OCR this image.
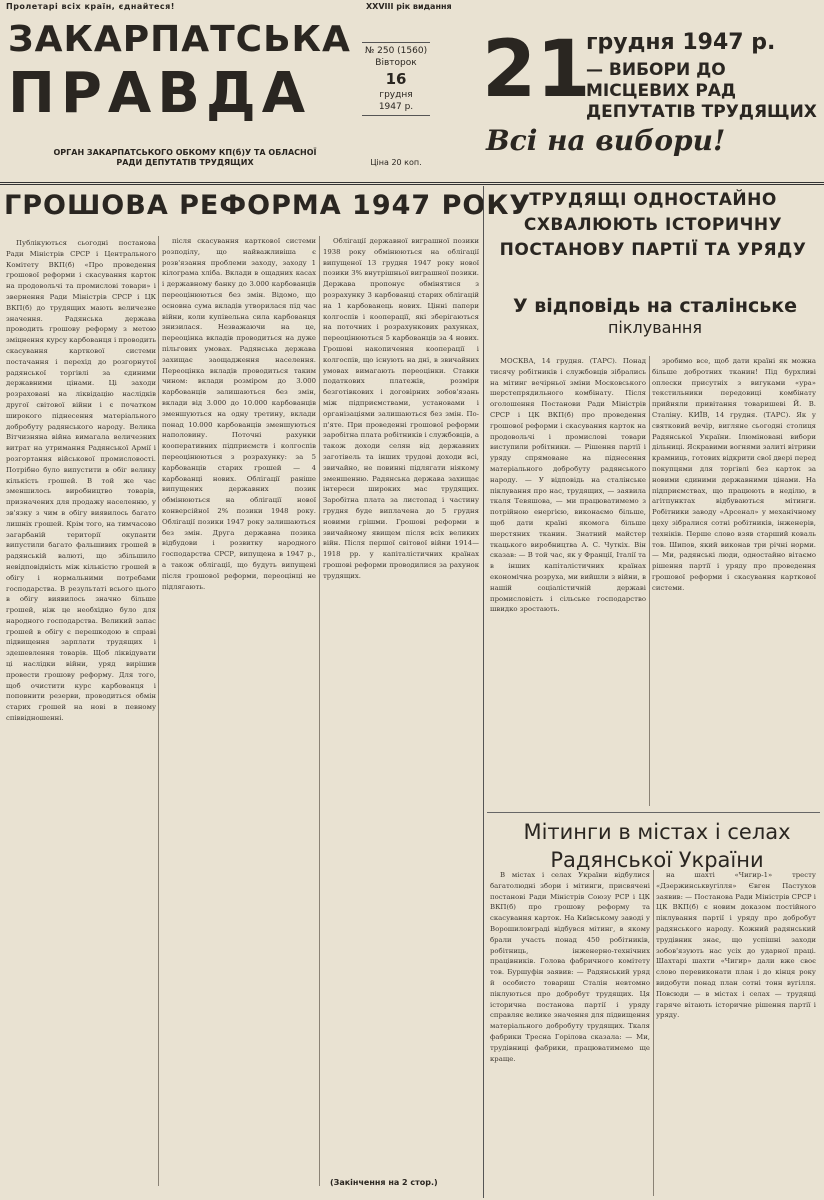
Пролетарі всіх країн, єднайтеся!
ЗАКАРПАТСЬКА
ПРАВДА
ОРГАН ЗАКАРПАТСЬКОГО ОБКОМУ КП(б)У ТА ОБЛАСНОЇ РАДИ ДЕПУТАТІВ ТРУДЯЩИХ
XXVIII рік видання
№ 250 (1560)
Вівторок
16
грудня
1947 р.
Ціна 20 коп.
21
грудня 1947 р.
— ВИБОРИ ДО МІСЦЕВИХ РАД ДЕПУТАТІВ ТРУДЯЩИХ
Всі на вибори!
ГРОШОВА РЕФОРМА 1947 РОКУ
ТРУДЯЩІ ОДНОСТАЙНО СХВАЛЮЮТЬ ІСТОРИЧНУ ПОСТАНОВУ ПАРТІЇ ТА УРЯДУ
У відповідь на сталінське
піклування
Мітинги в містах і селах Радянської України

Публікуються сьогодні постанова Ради Міністрів СРСР і Центрального Комітету ВКП(б) «Про проведення грошової реформи і скасування карток на продовольчі та промислові товари» і звернення Ради Міністрів СРСР і ЦК ВКП(б) до трудящих мають величезне значення. Радянська держава проводить грошову реформу з метою зміцнення курсу карбованця і проводить скасування карткової системи постачання і перехід до розгорнутої радянської торгівлі за єдиними державними цінами. Ці заходи розраховані на ліквідацію наслідків другої світової війни і є початком широкого піднесення матеріального добробуту радянського народу. Велика Вітчизняна війна вимагала величезних витрат на утримання Радянської Армії і розгортання військової промисловості. Потрібно було випустити в обіг велику кількість грошей. В той же час зменшилось виробництво товарів, призначених для продажу населенню, у зв'язку з чим в обігу виявилось багато лишніх грошей. Крім того, на тимчасово загарбаній території окупанти випустили багато фальшивих грошей в радянській валюті, що збільшило невідповідність між кількістю грошей в обігу і нормальними потребами господарства. В результаті всього цього в обігу виявилось значно більше грошей, ніж це необхідно було для народного господарства. Великий запас грошей в обігу є перешкодою в справі підвищення зарплати трудящих і здешевлення товарів. Щоб ліквідувати ці наслідки війни, уряд вирішив провести грошову реформу. Для того, щоб очистити курс карбованця і поповнити резерви, проводиться обмін старих грошей на нові в певному співвідношенні.

після скасування карткової системи розподілу, що найважливіша є розв'язання проблеми заходу, заходу 1 кілограма хліба. Вклади в ощадних касах і державному банку до 3.000 карбованців переоцінюються без змін. Відомо, що основна сума вкладів утворилася під час війни, коли купівельна сила карбованця знизилася. Незважаючи на це, переоцінка вкладів проводиться на дуже пільгових умовах. Радянська держава захищає заощадження населення. Переоцінка вкладів проводиться таким чином: вклади розміром до 3.000 карбованців залишаються без змін, вклади від 3.000 до 10.000 карбованців зменшуються на одну третину, вклади понад 10.000 карбованців зменшуються наполовину. Поточні рахунки кооперативних підприємств і колгоспів переоцінюються з розрахунку: за 5 карбованців старих грошей — 4 карбованці нових. Облігації раніше випущених державних позик обмінюються на облігації нової конверсійної 2% позики 1948 року. Облігації позики 1947 року залишаються без змін. Друга державна позика відбудови і розвитку народного господарства СРСР, випущена в 1947 р., а також облігації, що будуть випущені після грошової реформи, переоцінці не підлягають.

Облігації державної виграшної позики 1938 року обмінюються на облігації випущеної 13 грудня 1947 року нової позики 3% внутрішньої виграшної позики. Держава пропонує обмінятися з розрахунку 3 карбованці старих облігацій на 1 карбованець нових. Цінні папери колгоспів і кооперації, які зберігаються на поточних і розрахункових рахунках, переоцінюються 5 карбованців за 4 нових. Грошові накопичення кооперації і колгоспів, що існують на дні, в звичайних умовах вимагають переоцінки. Ставки податкових платежів, розміри безготівкових і договірних зобов'язань між підприємствами, установами і організаціями залишаються без змін. По-п'яте. При проведенні грошової реформи заробітна плата робітників і службовців, а також доходи селян від державних заготівель та інших трудові доходи всі, звичайно, не повинні підлягати ніякому зменшенню. Радянська держава захищає інтереси широких мас трудящих. Заробітна плата за листопад і частину грудня буде виплачена до 5 грудня новими грішми. Грошові реформи в звичайному явищем після всіх великих війн. Після першої світової війни 1914—1918 рр. у капіталістичних країнах грошові реформи проводилися за рахунок трудящих.

МОСКВА, 14 грудня. (ТАРС). Понад тисячу робітників і службовців зібрались на мітинг вечірньої зміни Московського шерстепрядильного комбінату. Після оголошення Постанови Ради Міністрів СРСР і ЦК ВКП(б) про проведення грошової реформи і скасування карток на продовольчі і промислові товари виступили робітники. — Рішення партії і уряду спрямоване на піднесення матеріального добробуту радянського народу. — У відповідь на сталінське піклування про нас, трудящих, — заявила ткаля Тевяшова, — ми працюватимемо з потрійною енергією, виконаємо більше, щоб дати країні якомога більше шерстяних тканин. Знатний майстер ткацького виробництва А. С. Чуткіх. Він сказав: — В той час, як у Франції, Італії та в інших капіталістичних країнах економічна розруха, ми вийшли з війни, в нашій соціалістичній державі промисловість і сільське господарство швидко зростають.

зробимо все, щоб дати країні як можна більше добротних тканин! Під бурхливі оплески присутніх з вигуками «ура» текстильники передовиці комбінату прийняли привітання товаришеві Й. В. Сталіну. КИЇВ, 14 грудня. (ТАРС). Як у святковий вечір, вигляне сьогодні столиця Радянської України. Ілюміновані вибори дільниці. Яскравими вогнями залиті вітрини крамниць, готових відкрити свої двері перед покупцями для торгівлі без карток за новими єдиними державними цінами. На підприємствах, що працюють в неділю, в агітпунктах відбуваються мітинги. Робітники заводу «Арсенал» у механічному цеху зібралися сотні робітників, інженерів, техніків. Перше слово взяв старший коваль тов. Шипов, який виконав три річні норми. — Ми, радянські люди, одностайно вітаємо рішення партії і уряду про проведення грошової реформи і скасування карткової системи.

В містах і селах України відбулися багатолюдні збори і мітинги, присвячені постанові Ради Міністрів Союзу РСР і ЦК ВКП(б) про грошову реформу та скасування карток. На Київському заводі у Ворошиловграді відбувся мітинг, в якому брали участь понад 450 робітників, робітниць, інженерно-технічних працівників. Голова фабричного комітету тов. Буршуфін заявив: — Радянський уряд й особисто товариш Сталін невтомно піклуються про добробут трудящих. Ця історична постанова партії і уряду справляє велике значення для підвищення матеріального добробуту трудящих. Ткаля фабрики Тресна Горілова сказала: — Ми, трудівниці фабрики, працюватимемо ще краще.

на шахті «Чигир-1» тресту «Дзержинськвугілля» Євген Пастухов заявив: — Постанова Ради Міністрів СРСР і ЦК ВКП(б) є новим доказом постійного піклування партії і уряду про добробут радянського народу. Кожний радянський трудівник знає, що успішні заходи зобов'язують нас усіх до ударної праці. Шахтарі шахти «Чигир» дали вже своє слово перевиконати план і до кінця року видобути понад план сотні тонн вугілля. Повсюди — в містах і селах — трудящі гаряче вітають історичне рішення партії і уряду.

(Закінчення на 2 стор.)
